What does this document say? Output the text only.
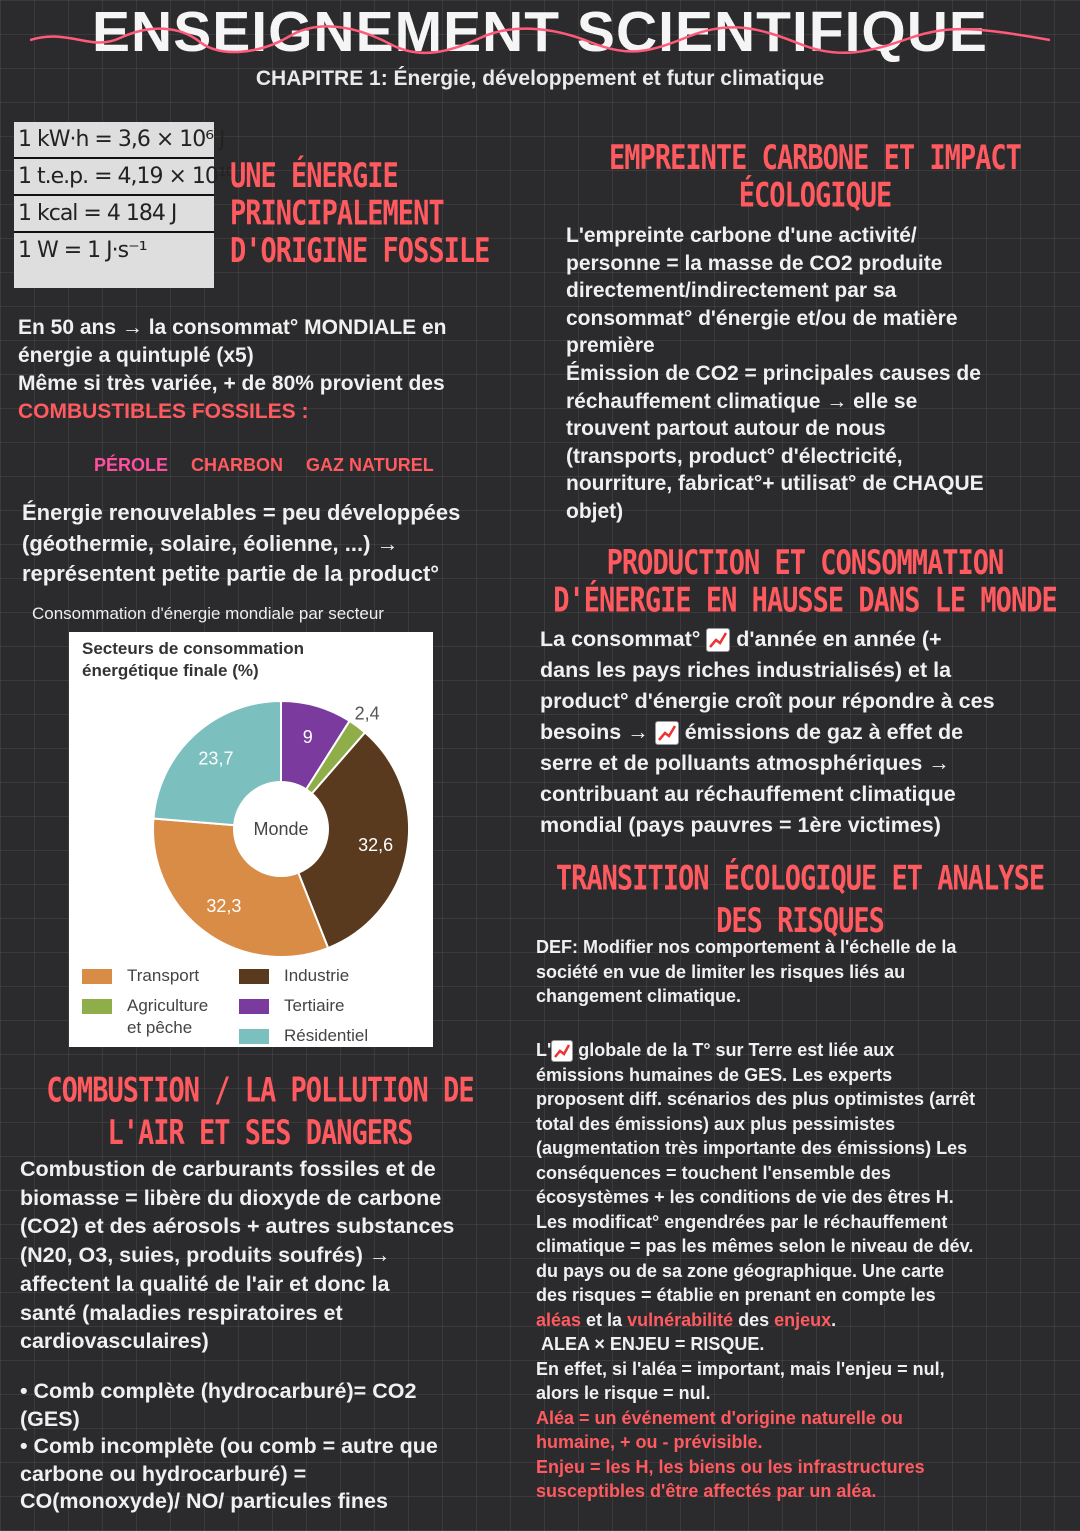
ENSEIGNEMENT SCIENTIFIQUE
CHAPITRE 1: Énergie, développement et futur climatique
1 kW·h = 3,6 × 10⁶ J
1 t.e.p. = 4,19 × 10¹⁰ J
1 kcal = 4 184 J
1 W = 1 J·s⁻¹
UNE ÉNERGIE
PRINCIPALEMENT
D'ORIGINE FOSSILE
En 50 ans → la consommat° MONDIALE en
énergie a quintuplé (x5)
Même si très variée, + de 80% provient des
COMBUSTIBLES FOSSILES :
PÉROLE CHARBON GAZ NATUREL
Énergie renouvelables = peu développées
(géothermie, solaire, éolienne, ...) →
représentent petite partie de la product°
Consommation d'énergie mondiale par secteur
Secteurs de consommation
énergétique finale (%)
9
2,4
32,6
32,3
23,7
Monde
Transport	Industrie
Agriculture
et pêche
Tertiaire
Résidentiel
COMBUSTION / LA POLLUTION DE
L'AIR ET SES DANGERS
Combustion de carburants fossiles et de
biomasse = libère du dioxyde de carbone
(CO2) et des aérosols + autres substances
(N20, O3, suies, produits soufrés) →
affectent la qualité de l'air et donc la
santé (maladies respiratoires et
cardiovasculaires)
• Comb complète (hydrocarburé)= CO2
(GES)
• Comb incomplète (ou comb = autre que
carbone ou hydrocarburé) =
CO(monoxyde)/ NO/ particules fines
EMPREINTE CARBONE ET IMPACT
ÉCOLOGIQUE
L'empreinte carbone d'une activité/
personne = la masse de CO2 produite
directement/indirectement par sa
consommat° d'énergie et/ou de matière
première
Émission de CO2 = principales causes de
réchauffement climatique → elle se
trouvent partout autour de nous
(transports, product° d'électricité,
nourriture, fabricat°+ utilisat° de CHAQUE
objet)
PRODUCTION ET CONSOMMATION
D'ÉNERGIE EN HAUSSE DANS LE MONDE
La consommat° d'année en année (+
dans les pays riches industrialisés) et la
product° d'énergie croît pour répondre à ces
besoins → émissions de gaz à effet de
serre et de polluants atmosphériques →
contribuant au réchauffement climatique
mondial (pays pauvres = 1ère victimes)
TRANSITION ÉCOLOGIQUE ET ANALYSE
DES RISQUES
DEF: Modifier nos comportement à l'échelle de la
société en vue de limiter les risques liés au
changement climatique.
L' globale de la T° sur Terre est liée aux
émissions humaines de GES. Les experts
proposent diff. scénarios des plus optimistes (arrêt
total des émissions) aux plus pessimistes
(augmentation très importante des émissions) Les
conséquences = touchent l'ensemble des
écosystèmes + les conditions de vie des êtres H.
Les modificat° engendrées par le réchauffement
climatique = pas les mêmes selon le niveau de dév.
du pays ou de sa zone géographique. Une carte
des risques = établie en prenant en compte les
aléas et la vulnérabilité des enjeux.
ALEA × ENJEU = RISQUE.
En effet, si l'aléa = important, mais l'enjeu = nul,
alors le risque = nul.
Aléa = un événement d'origine naturelle ou
humaine, + ou - prévisible.
Enjeu = les H, les biens ou les infrastructures
susceptibles d'être affectés par un aléa.
